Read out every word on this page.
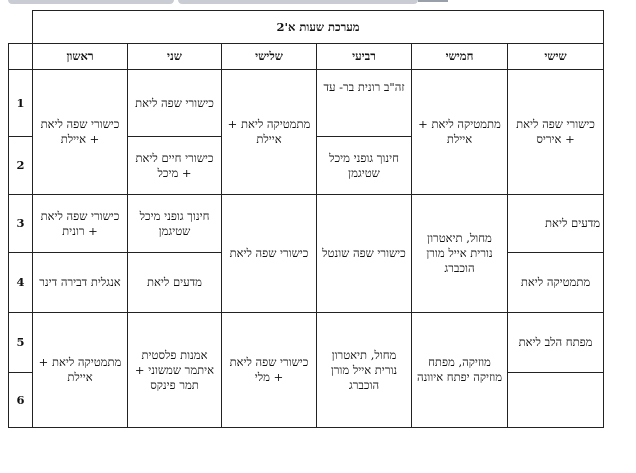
	מערכת שעות א'2					
	ראשון	שני	שלישי	רביעי	חמישי	שישי
1	כישורי שפה ליאת + איילת	כישורי שפה ליאת	מתמטיקה ליאת + איילת	זה"ב רונית בר- עד	מתמטיקה ליאת + איילת	כישורי שפה ליאת + איריס
2		כישורי חיים ליאת + מיכל		חינוך גופני מיכל שטיגמן		
3	כישורי שפה ליאת + רונית	חינוך גופני מיכל שטיגמן	כישורי שפה ליאת	כישורי שפה שונטל	מחול, תיאטרון נורית אייל מורן הוכברג	מדעים ליאת
4	אנגלית דבירה דינר	מדעים ליאת				מתמטיקה ליאת
5	מתמטיקה ליאת + איילת	אמנות פלסטית איתמר שמשוני + תמר פינקס	כישורי שפה ליאת + מלי	מחול, תיאטרון נורית אייל מורן הוכברג	מוזיקה, מפתח מוזיקה יפתח איוונה	מפתח הלב ליאת
6						
